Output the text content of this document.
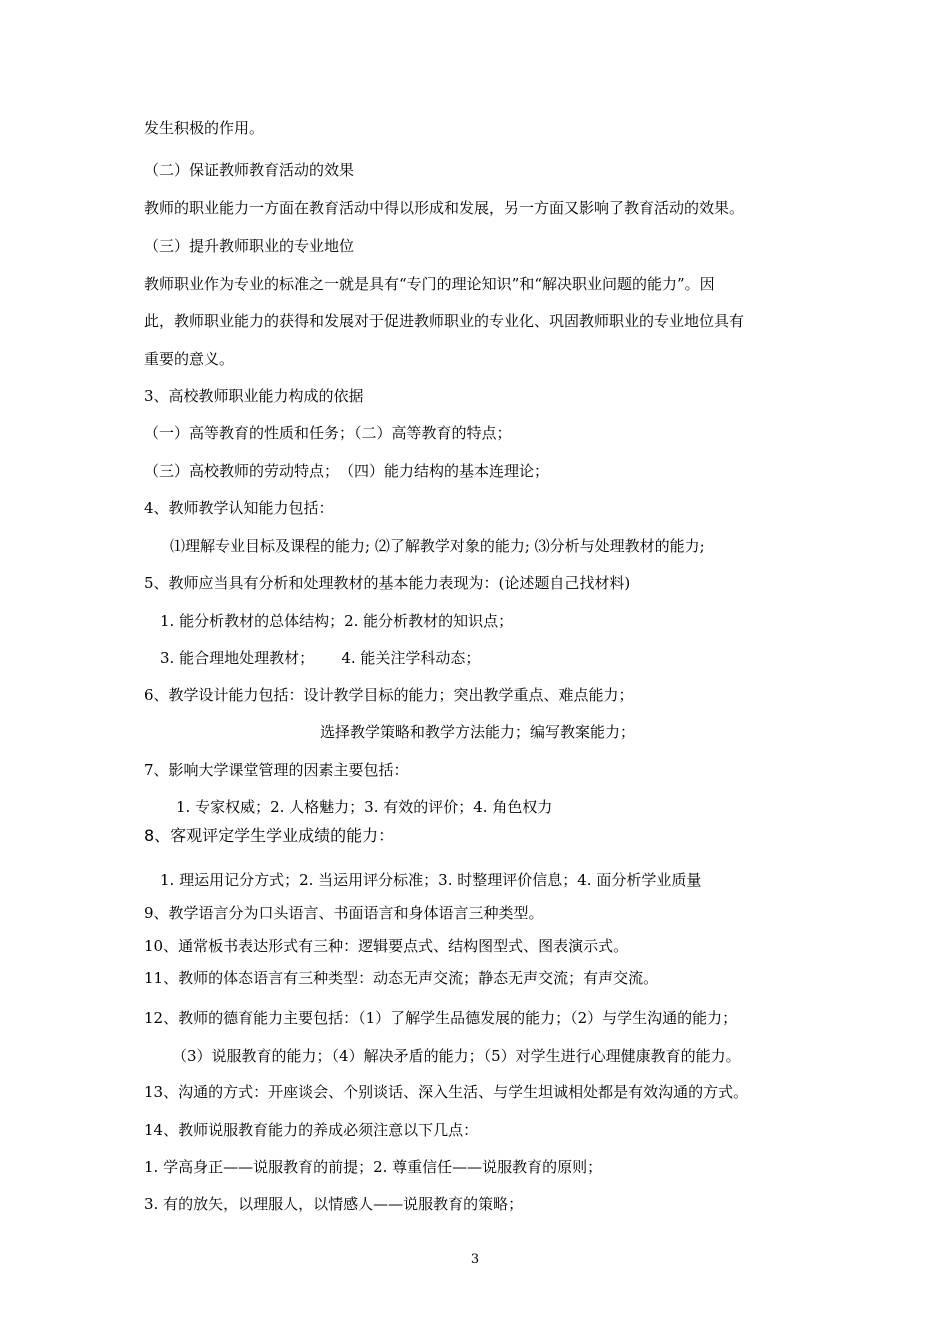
发生积极的作用。
（二）保证教师教育活动的效果
教师的职业能力一方面在教育活动中得以形成和发展，另一方面又影响了教育活动的效果。
（三）提升教师职业的专业地位
教师职业作为专业的标准之一就是具有“专门的理论知识”和“解决职业问题的能力”。因
此，教师职业能力的获得和发展对于促进教师职业的专业化、巩固教师职业的专业地位具有
重要的意义。
3、高校教师职业能力构成的依据
（一）高等教育的性质和任务；（二）高等教育的特点；
（三）高校教师的劳动特点；　（四）能力结构的基本连理论；
4、教师教学认知能力包括：
⑴理解专业目标及课程的能力; ⑵了解教学对象的能力; ⑶分析与处理教材的能力;
5、教师应当具有分析和处理教材的基本能力表现为：(论述题自己找材料)
1. 能分析教材的总体结构；2. 能分析教材的知识点；
3. 能合理地处理教材；　　 4. 能关注学科动态；
6、教学设计能力包括：设计教学目标的能力；突出教学重点、难点能力；
选择教学策略和教学方法能力；编写教案能力；
7、影响大学课堂管理的因素主要包括：
1. 专家权威；2. 人格魅力；3. 有效的评价；4. 角色权力
8、客观评定学生学业成绩的能力：
1. 理运用记分方式；2. 当运用评分标准；3. 时整理评价信息；4. 面分析学业质量
9、教学语言分为口头语言、书面语言和身体语言三种类型。
10、通常板书表达形式有三种：逻辑要点式、结构图型式、图表演示式。
11、教师的体态语言有三种类型：动态无声交流；静态无声交流；有声交流。
12、教师的德育能力主要包括：（1）了解学生品德发展的能力；（2）与学生沟通的能力；
（3）说服教育的能力；（4）解决矛盾的能力；（5）对学生进行心理健康教育的能力。
13、沟通的方式：开座谈会、个别谈话、深入生活、与学生坦诚相处都是有效沟通的方式。
14、教师说服教育能力的养成必须注意以下几点：
1. 学高身正——说服教育的前提；2. 尊重信任——说服教育的原则；
3. 有的放矢，以理服人，以情感人——说服教育的策略；
3
